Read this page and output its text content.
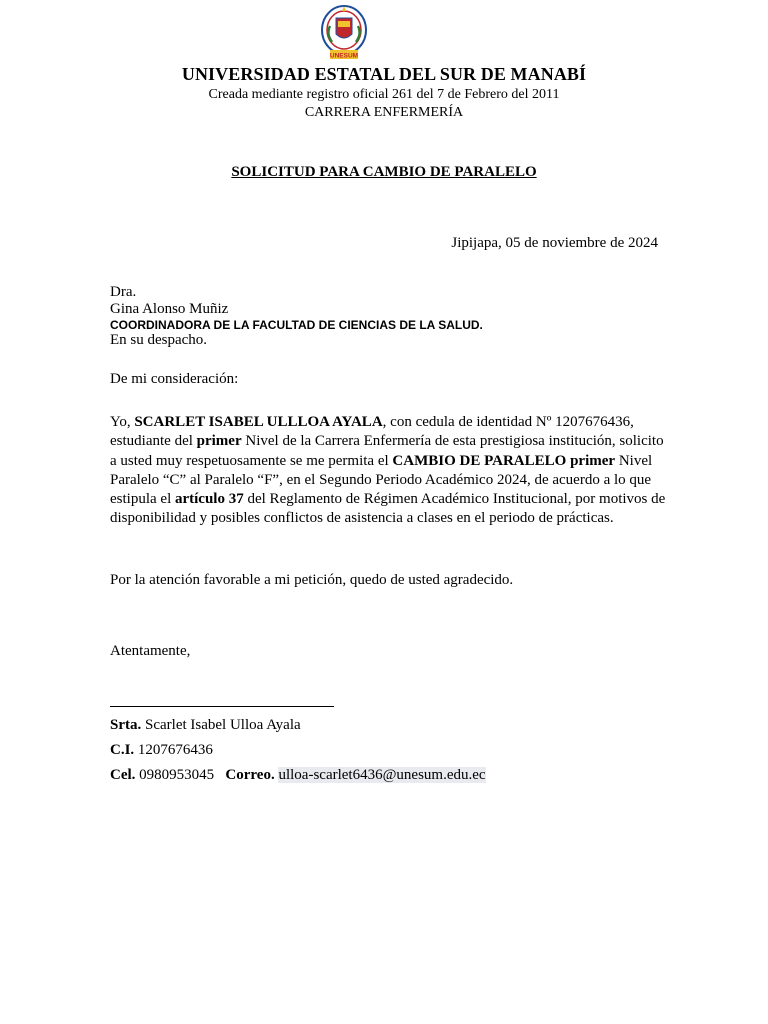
UNESUM
UNIVERSIDAD ESTATAL DEL SUR DE MANABÍ
Creada mediante registro oficial 261 del 7 de Febrero del 2011
CARRERA ENFERMERÍA
SOLICITUD PARA CAMBIO DE PARALELO
Jipijapa, 05 de noviembre de 2024
Dra.
Gina Alonso Muñiz
COORDINADORA DE LA FACULTAD DE CIENCIAS DE LA SALUD.
En su despacho.
De mi consideración:
Yo, SCARLET ISABEL ULLLOA AYALA, con cedula de identidad Nº 1207676436, estudiante del primer Nivel de la Carrera Enfermería de esta prestigiosa institución, solicito a usted muy respetuosamente se me permita el CAMBIO DE PARALELO primer Nivel Paralelo “C” al Paralelo “F”, en el Segundo Periodo Académico 2024, de acuerdo a lo que estipula el artículo 37 del Reglamento de Régimen Académico Institucional, por motivos de disponibilidad y posibles conflictos de asistencia a clases en el periodo de prácticas.
Por la atención favorable a mi petición, quedo de usted agradecido.
Atentamente,
Srta. Scarlet Isabel Ulloa Ayala
C.I. 1207676436
Cel. 0980953045 Correo. ulloa-scarlet6436@unesum.edu.ec
